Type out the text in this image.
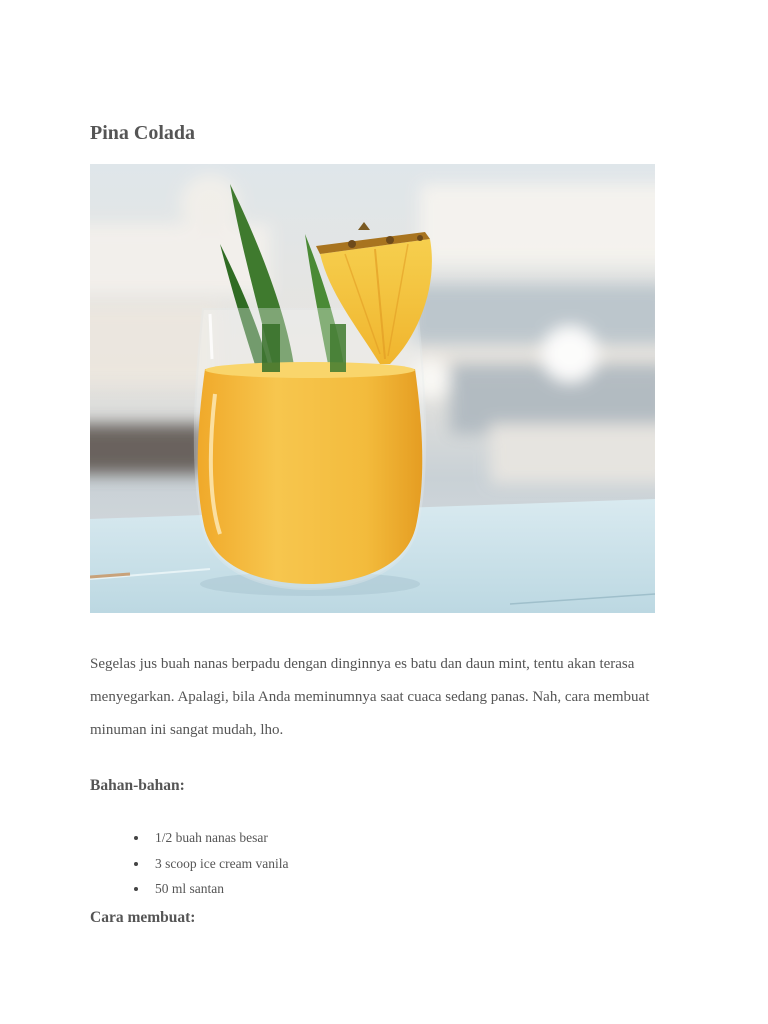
Pina Colada

Segelas jus buah nanas berpadu dengan dinginnya es batu dan daun mint, tentu akan terasa menyegarkan. Apalagi, bila Anda meminumnya saat cuaca sedang panas. Nah, cara membuat minuman ini sangat mudah, lho.

Bahan-bahan:
1/2 buah nanas besar
3 scoop ice cream vanila
50 ml santan
Cara membuat:
